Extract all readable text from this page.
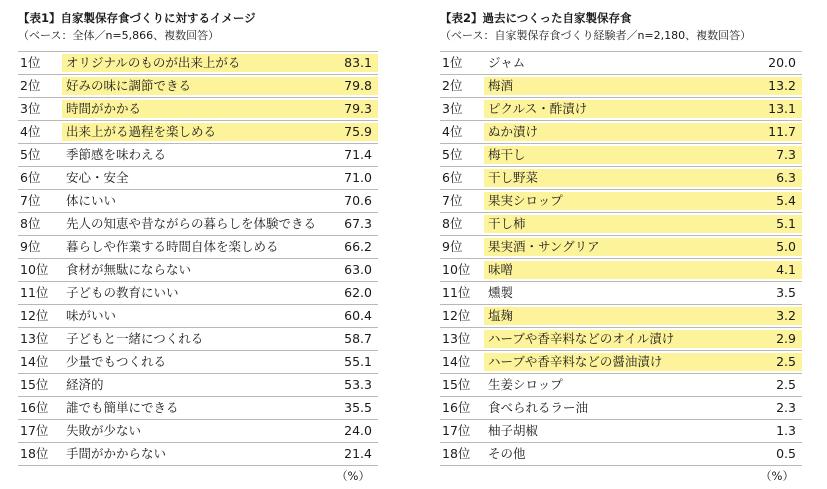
【表1】自家製保存食づくりに対するイメージ
（ベース：全体／n=5,866、複数回答）
1位 オリジナルのものが出来上がる	83.1
2位 好みの味に調節できる	79.8
3位 時間がかかる	79.3
4位 出来上がる過程を楽しめる	75.9
5位 季節感を味わえる	71.4
6位 安心・安全	71.0
7位 体にいい	70.6
8位 先人の知恵や昔ながらの暮らしを体験できる 67.3
9位 暮らしや作業する時間自体を楽しめる	66.2
10位 食材が無駄にならない	63.0
11位 子どもの教育にいい	62.0
12位 味がいい	60.4
13位 子どもと一緒につくれる	58.7
14位 少量でもつくれる	55.1
15位 経済的	53.3
16位 誰でも簡単にできる	35.5
17位 失敗が少ない	24.0
18位 手間がかからない	21.4
（%）
【表2】過去につくった自家製保存食
（ベース：自家製保存食づくり経験者／n=2,180、複数回答）
1位 ジャム	20.0
2位 梅酒	13.2
3位 ピクルス・酢漬け	13.1
4位 ぬか漬け	11.7
5位 梅干し	7.3
6位 干し野菜	6.3
7位 果実シロップ	5.4
8位 干し柿	5.1
9位 果実酒・サングリア	5.0
10位 味噌	4.1
11位 燻製	3.5
12位 塩麹	3.2
13位 ハーブや香辛料などのオイル漬け	2.9
14位 ハーブや香辛料などの醤油漬け	2.5
15位 生姜シロップ	2.5
16位 食べられるラー油	2.3
17位 柚子胡椒	1.3
18位 その他	0.5
（%）
